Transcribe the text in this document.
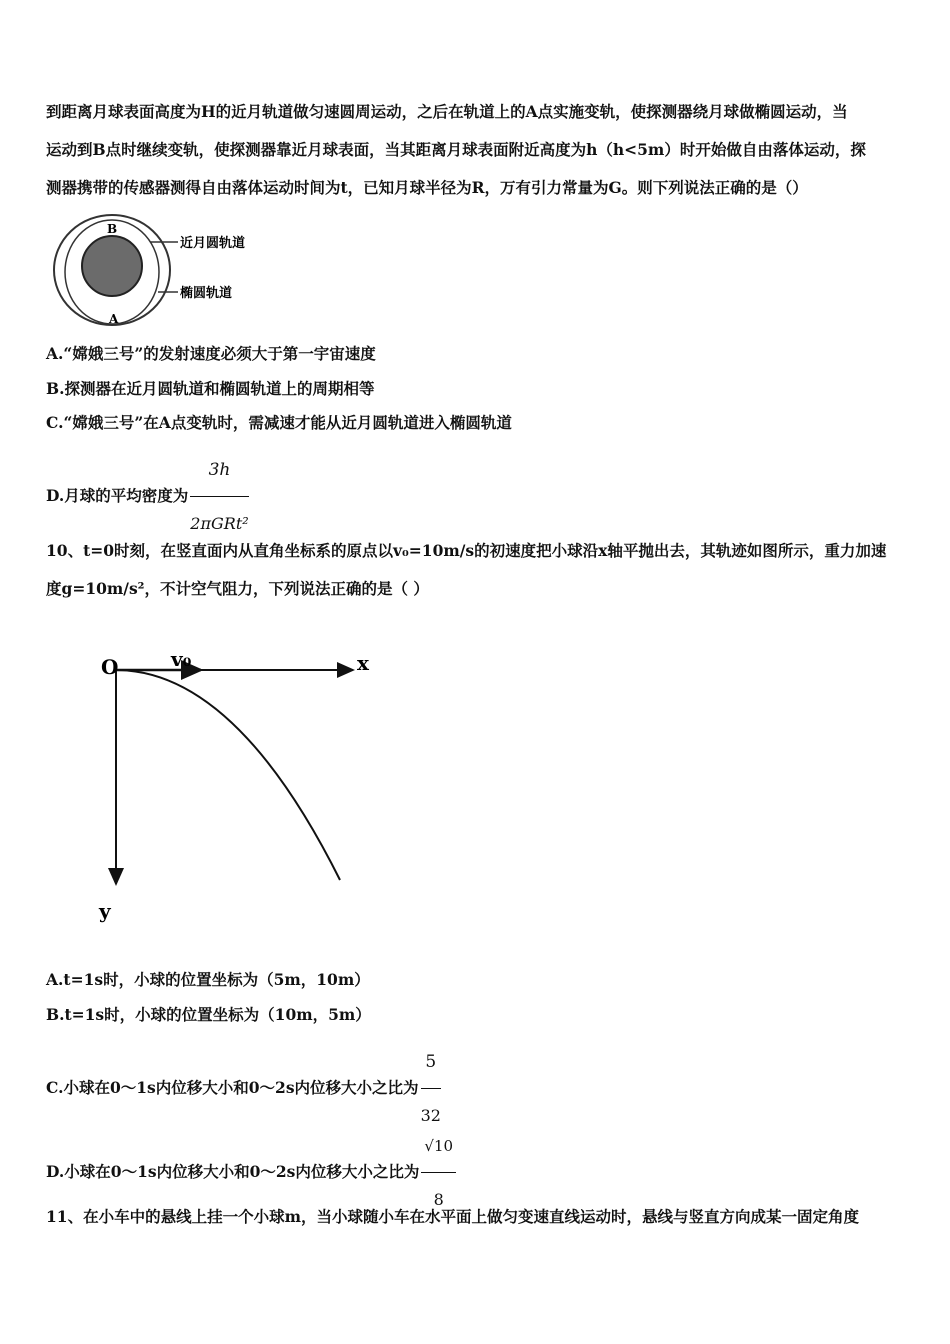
到距离月球表面高度为H的近月轨道做匀速圆周运动，之后在轨道上的A点实施变轨，使探测器绕月球做椭圆运动，当
运动到B点时继续变轨，使探测器靠近月球表面，当其距离月球表面附近高度为h（h<5m）时开始做自由落体运动，探
测器携带的传感器测得自由落体运动时间为t，已知月球半径为R，万有引力常量为G。则下列说法正确的是（）
B
A
近月圆轨道
椭圆轨道
A.“嫦娥三号”的发射速度必须大于第一宇宙速度
B.探测器在近月圆轨道和椭圆轨道上的周期相等
C.“嫦娥三号”在A点变轨时，需减速才能从近月圆轨道进入椭圆轨道
D.月球的平均密度为 $\frac{3h}{\text{2πGRt²}}$
10、t=0时刻，在竖直面内从直角坐标系的原点以v₀=10m/s的初速度把小球沿x轴平抛出去，其轨迹如图所示，重力加速
度g=10m/s²，不计空气阻力，下列说法正确的是（ ）
O	v₀	x
y
A.t=1s时，小球的位置坐标为（5m，10m）
B.t=1s时，小球的位置坐标为（10m，5m）
C.小球在0～1s内位移大小和0～2s内位移大小之比为 $\frac{5}{32}$
D.小球在0～1s内位移大小和0～2s内位移大小之比为 $\frac{√10}{8}$
11、在小车中的悬线上挂一个小球m，当小球随小车在水平面上做匀变速直线运动时，悬线与竖直方向成某一固定角度
